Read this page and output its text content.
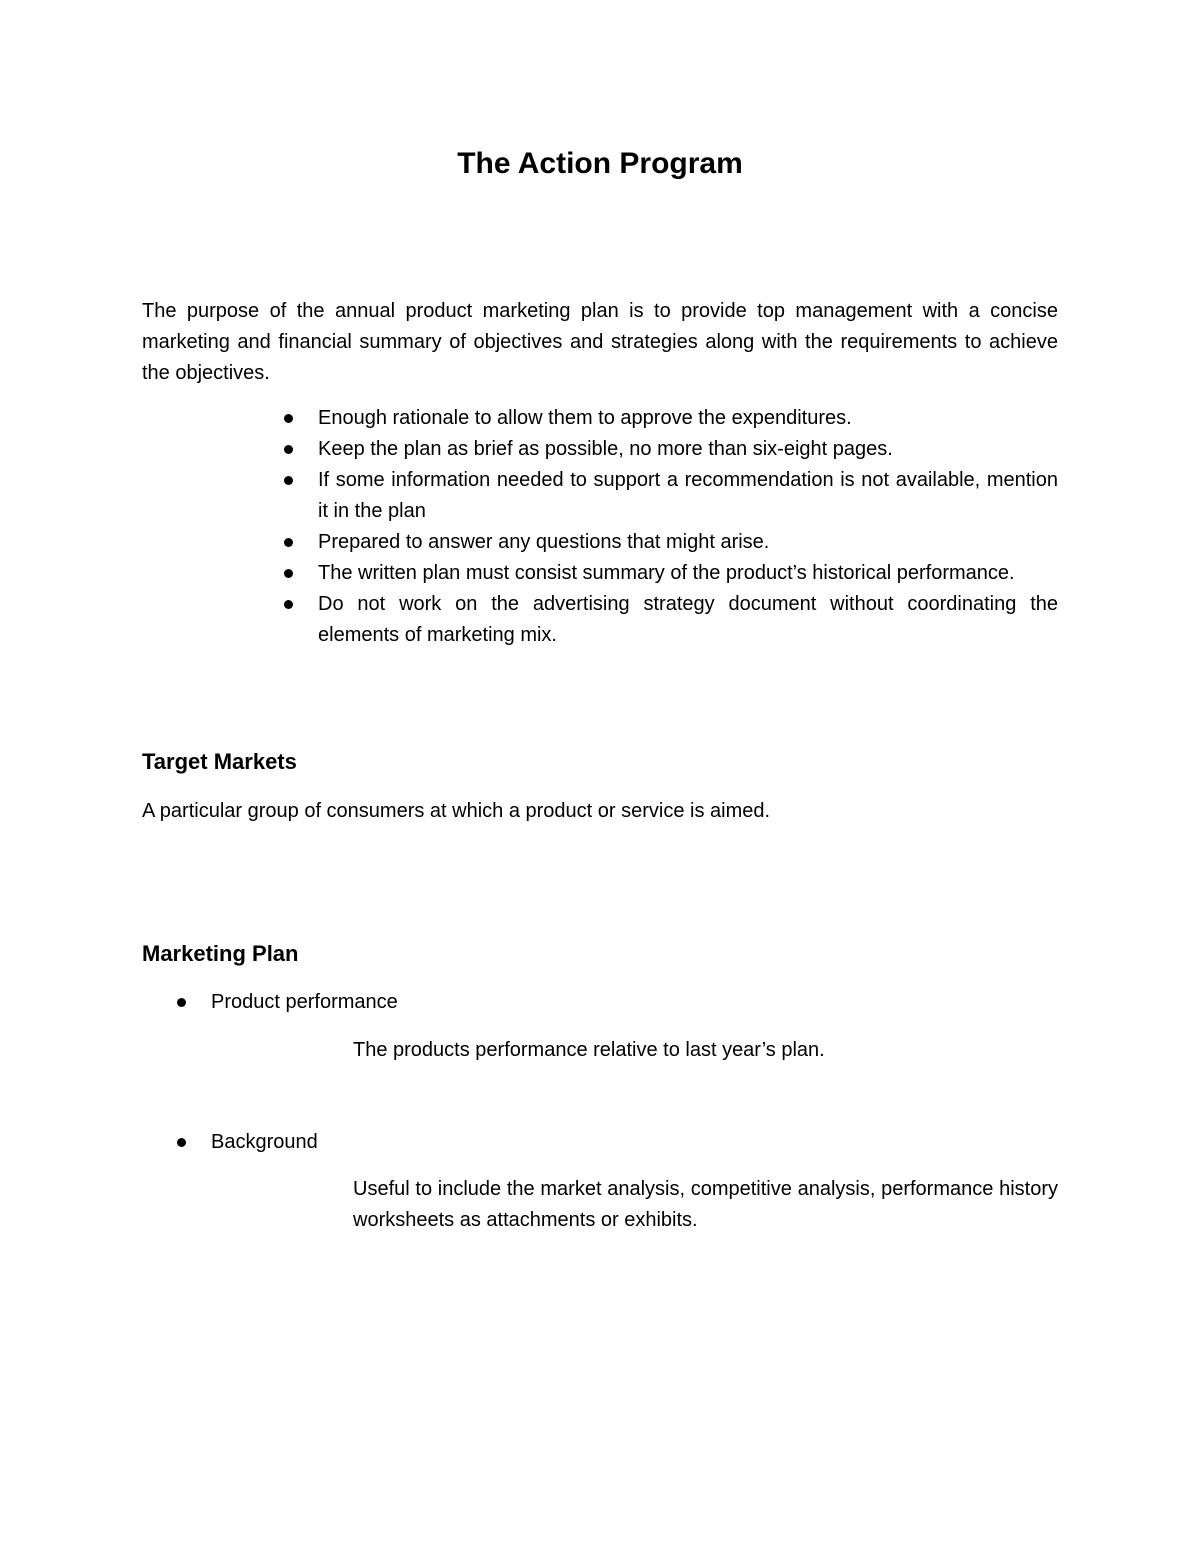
The Action Program

The purpose of the annual product marketing plan is to provide top management with a concise marketing and financial summary of objectives and strategies along with the requirements to achieve the objectives.

Enough rationale to allow them to approve the expenditures.
Keep the plan as brief as possible, no more than six-eight pages.
If some information needed to support a recommendation is not available, mention it in the plan
Prepared to answer any questions that might arise.
The written plan must consist summary of the product’s historical performance.
Do not work on the advertising strategy document without coordinating the elements of marketing mix.
Target Markets

A particular group of consumers at which a product or service is aimed.

Marketing Plan

Product performance

The products performance relative to last year’s plan.

Background

Useful to include the market analysis, competitive analysis, performance history worksheets as attachments or exhibits.
